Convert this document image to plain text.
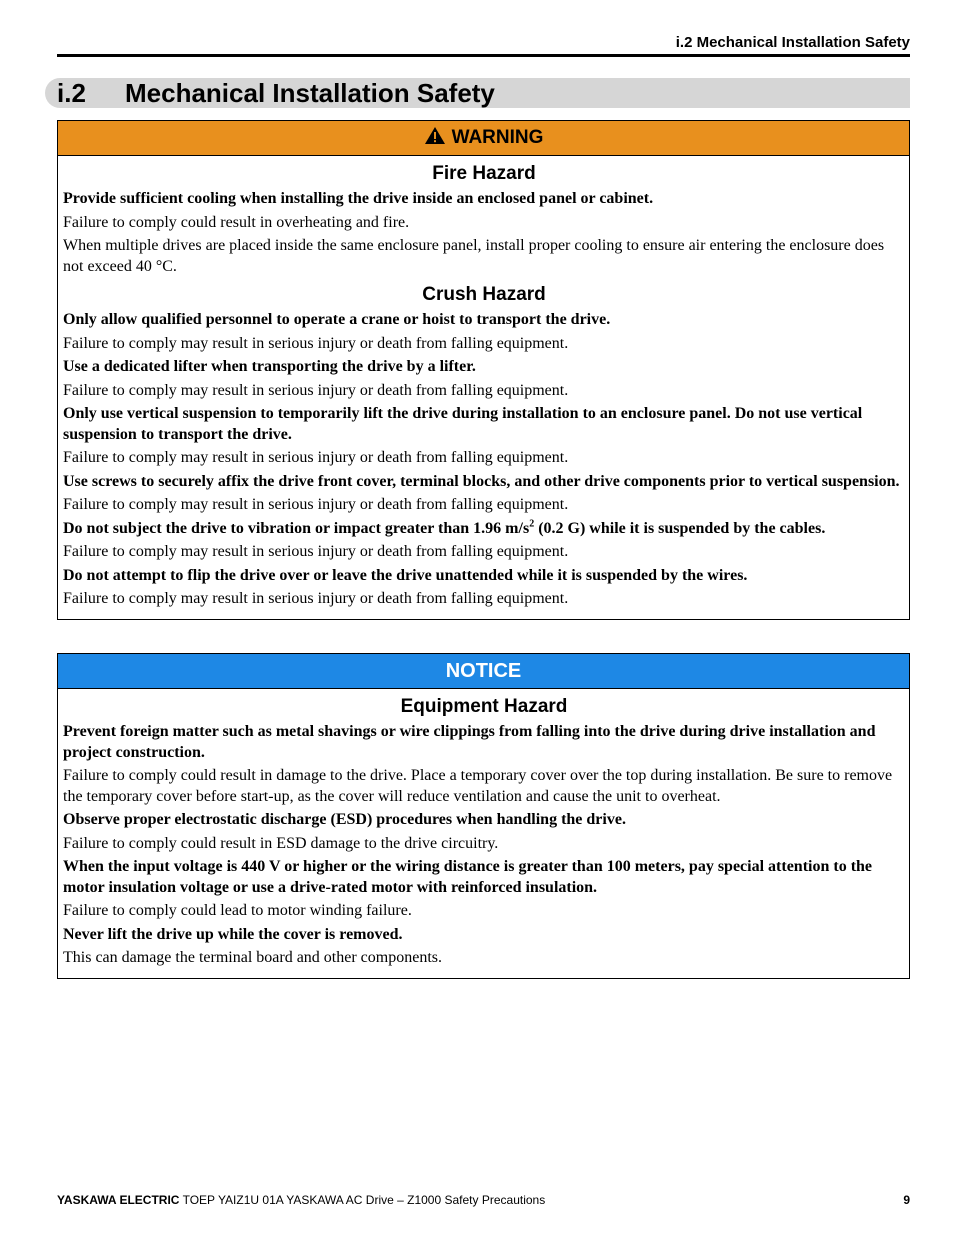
i.2 Mechanical Installation Safety
i.2 Mechanical Installation Safety
WARNING
Fire Hazard

Provide sufficient cooling when installing the drive inside an enclosed panel or cabinet.

Failure to comply could result in overheating and fire.

When multiple drives are placed inside the same enclosure panel, install proper cooling to ensure air entering the enclosure does not exceed 40 °C.

Crush Hazard

Only allow qualified personnel to operate a crane or hoist to transport the drive.

Failure to comply may result in serious injury or death from falling equipment.

Use a dedicated lifter when transporting the drive by a lifter.

Failure to comply may result in serious injury or death from falling equipment.

Only use vertical suspension to temporarily lift the drive during installation to an enclosure panel. Do not use vertical suspension to transport the drive.

Failure to comply may result in serious injury or death from falling equipment.

Use screws to securely affix the drive front cover, terminal blocks, and other drive components prior to vertical suspension.

Failure to comply may result in serious injury or death from falling equipment.

Do not subject the drive to vibration or impact greater than 1.96 $m/s^2$ (0.2 G) while it is suspended by the cables.

Failure to comply may result in serious injury or death from falling equipment.

Do not attempt to flip the drive over or leave the drive unattended while it is suspended by the wires.

Failure to comply may result in serious injury or death from falling equipment.

NOTICE
Equipment Hazard

Prevent foreign matter such as metal shavings or wire clippings from falling into the drive during drive installation and project construction.

Failure to comply could result in damage to the drive. Place a temporary cover over the top during installation. Be sure to remove the temporary cover before start-up, as the cover will reduce ventilation and cause the unit to overheat.

Observe proper electrostatic discharge (ESD) procedures when handling the drive.

Failure to comply could result in ESD damage to the drive circuitry.

When the input voltage is 440 V or higher or the wiring distance is greater than 100 meters, pay special attention to the motor insulation voltage or use a drive-rated motor with reinforced insulation.

Failure to comply could lead to motor winding failure.

Never lift the drive up while the cover is removed.

This can damage the terminal board and other components.

YASKAWA ELECTRIC TOEP YAIZ1U 01A YASKAWA AC Drive – Z1000 Safety Precautions	9
